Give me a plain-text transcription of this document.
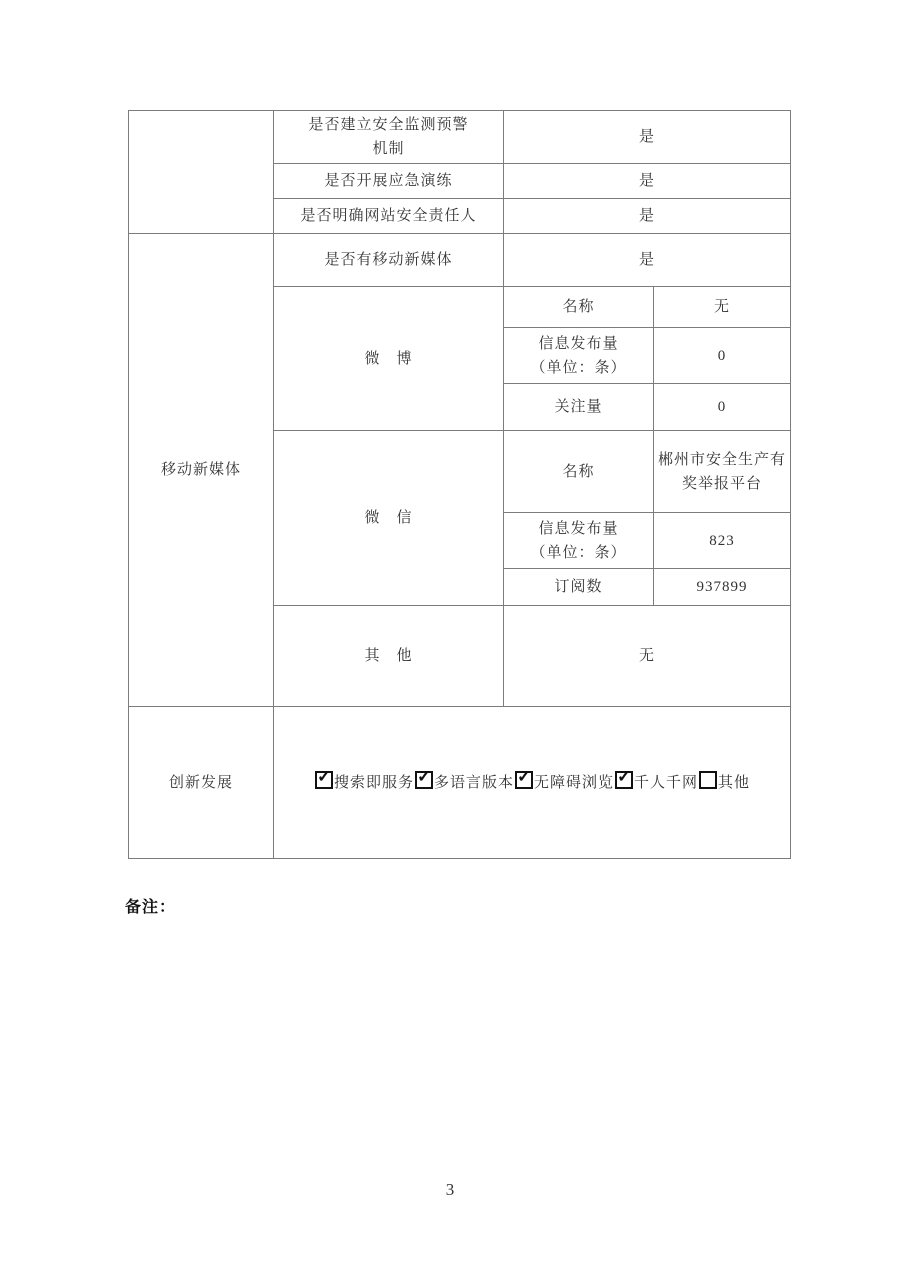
	是否建立安全监测预警
机制	是	
	是否开展应急演练	是	
	是否明确网站安全责任人	是	
移动新媒体	是否有移动新媒体	是	
	微　博	名称	无
		信息发布量
（单位：条）	0
		关注量	0
	微　信	名称	郴州市安全生产有奖举报平台
		信息发布量
（单位：条）	823
		订阅数	937899
	其　他	无	
创新发展	✓ 搜索即服务 ✓ 多语言版本 ✓ 无障碍浏览 ✓ 千人千网 其他
备注：
3
